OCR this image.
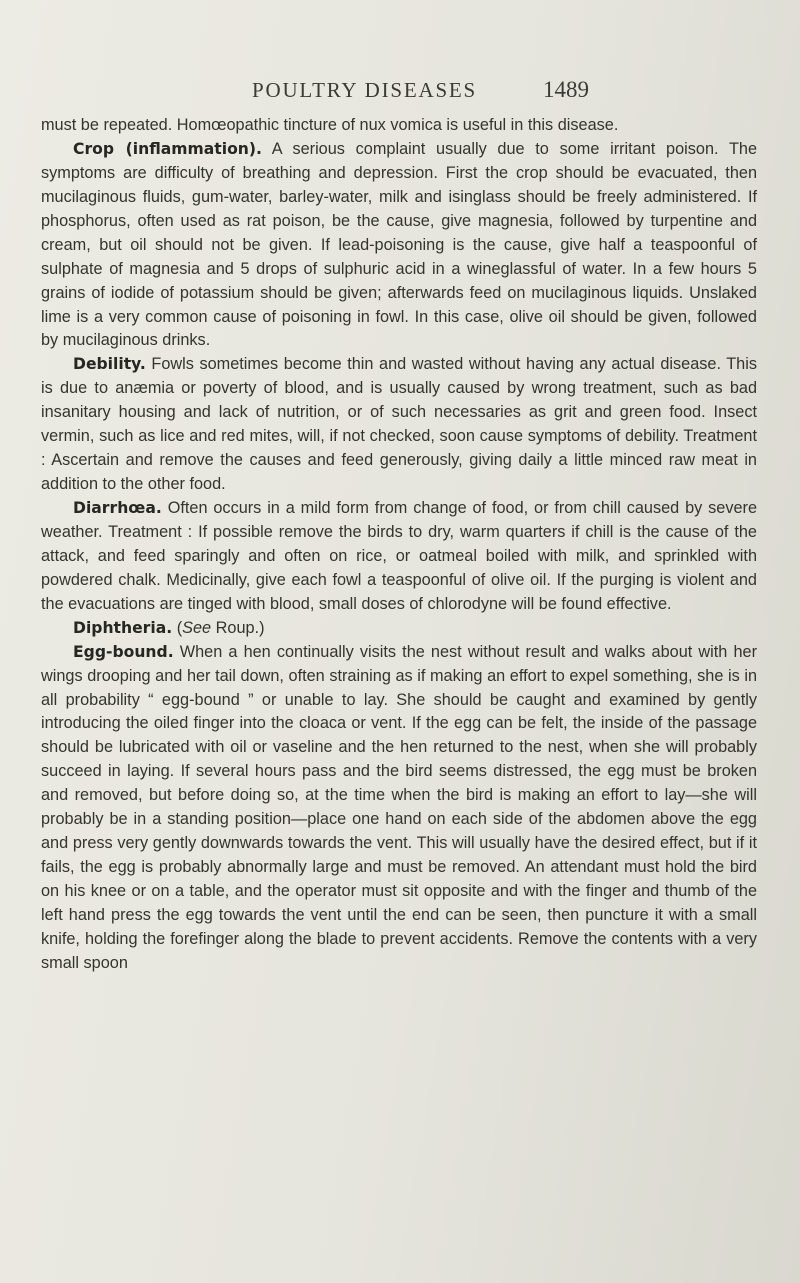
POULTRY DISEASES	1489

must be repeated. Homœopathic tincture of nux vomica is useful in this disease.

Crop (inflammation). A serious complaint usually due to some irritant poison. The symptoms are difficulty of breathing and depression. First the crop should be evacuated, then mucilaginous fluids, gum-water, barley-water, milk and isinglass should be freely administered. If phosphorus, often used as rat poison, be the cause, give magnesia, followed by turpentine and cream, but oil should not be given. If lead-poisoning is the cause, give half a teaspoonful of sulphate of magnesia and 5 drops of sulphuric acid in a wineglassful of water. In a few hours 5 grains of iodide of potassium should be given; afterwards feed on mucilaginous liquids. Unslaked lime is a very common cause of poisoning in fowl. In this case, olive oil should be given, followed by mucilaginous drinks.

Debility. Fowls sometimes become thin and wasted without having any actual disease. This is due to anæmia or poverty of blood, and is usually caused by wrong treatment, such as bad insanitary housing and lack of nutrition, or of such necessaries as grit and green food. Insect vermin, such as lice and red mites, will, if not checked, soon cause symptoms of debility. Treatment : Ascertain and remove the causes and feed generously, giving daily a little minced raw meat in addition to the other food.

Diarrhœa. Often occurs in a mild form from change of food, or from chill caused by severe weather. Treatment : If possible remove the birds to dry, warm quarters if chill is the cause of the attack, and feed sparingly and often on rice, or oatmeal boiled with milk, and sprinkled with powdered chalk. Medicinally, give each fowl a teaspoonful of olive oil. If the purging is violent and the evacuations are tinged with blood, small doses of chlorodyne will be found effective.

Diphtheria. (See Roup.)

Egg-bound. When a hen continually visits the nest without result and walks about with her wings drooping and her tail down, often straining as if making an effort to expel something, she is in all probability “ egg-bound ” or unable to lay. She should be caught and examined by gently introducing the oiled finger into the cloaca or vent. If the egg can be felt, the inside of the passage should be lubricated with oil or vaseline and the hen returned to the nest, when she will probably succeed in laying. If several hours pass and the bird seems distressed, the egg must be broken and removed, but before doing so, at the time when the bird is making an effort to lay—she will probably be in a standing position—place one hand on each side of the abdomen above the egg and press very gently downwards towards the vent. This will usually have the desired effect, but if it fails, the egg is probably abnormally large and must be removed. An attendant must hold the bird on his knee or on a table, and the operator must sit opposite and with the finger and thumb of the left hand press the egg towards the vent until the end can be seen, then puncture it with a small knife, holding the forefinger along the blade to prevent accidents. Remove the contents with a very small spoon
